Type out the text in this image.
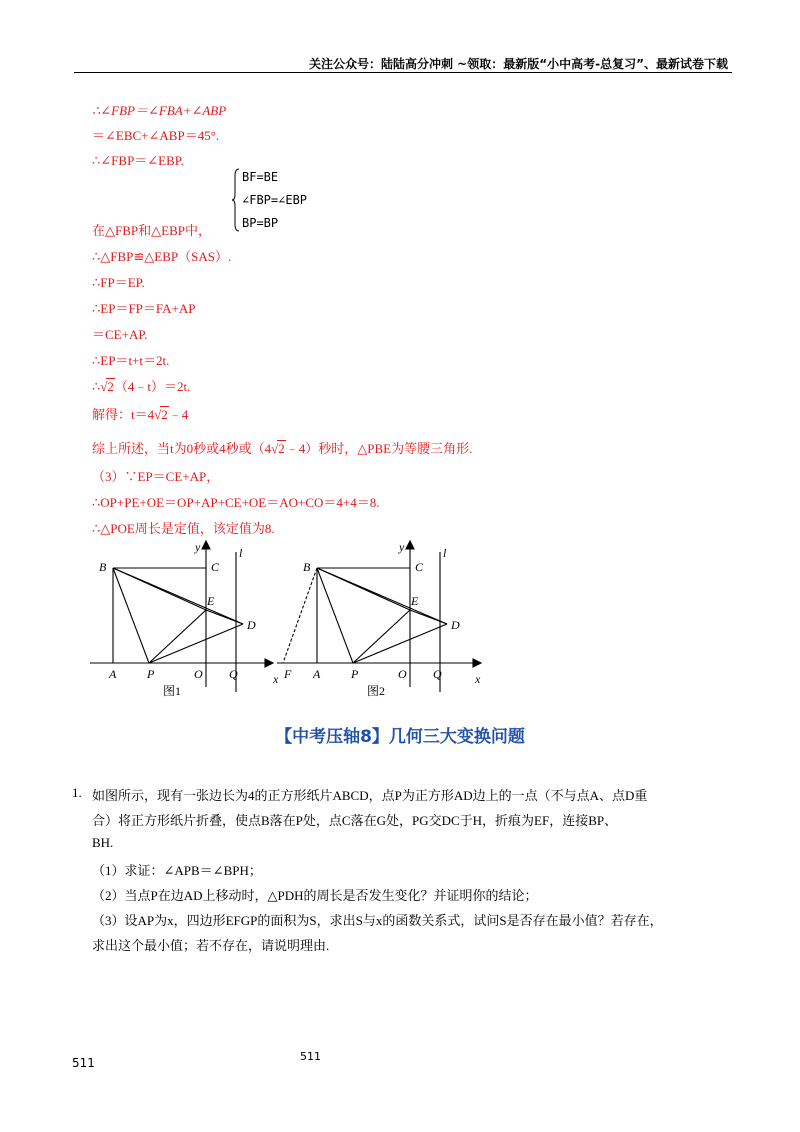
关注公众号：陆陆高分冲刺 ~领取：最新版“小中高考-总复习”、最新试卷下载
∴∠FBP＝∠FBA+∠ABP
＝∠EBC+∠ABP＝45°.
∴∠FBP＝∠EBP.
在△FBP和△EBP中，
BF=BE
∠FBP=∠EBP
BP=BP
∴△FBP≌△EBP（SAS）.
∴FP＝EP.
∴EP＝FP＝FA+AP
＝CE+AP.
∴EP＝t+t＝2t.
∴√2（4﹣t）＝2t.
解得：t＝4√2﹣4
综上所述，当t为0秒或4秒或（4√2﹣4）秒时，△PBE为等腰三角形.
（3）∵EP＝CE+AP，
∴OP+PE+OE＝OP+AP+CE+OE＝AO+CO＝4+4＝8.
∴△POE周长是定值，该定值为8.
B	C
E
D
A	P	O Q
y	l
图1
B	C
E
D
A	P	O Q
F
x	x
y	l
图2
【中考压轴8】几何三大变换问题
1. 如图所示，现有一张边长为4的正方形纸片ABCD，点P为正方形AD边上的一点（不与点A、点D重
合）将正方形纸片折叠，使点B落在P处，点C落在G处，PG交DC于H，折痕为EF，连接BP、
BH.
（1）求证：∠APB＝∠BPH；
（2）当点P在边AD上移动时，△PDH的周长是否发生变化？并证明你的结论；
（3）设AP为x，四边形EFGP的面积为S，求出S与x的函数关系式，试问S是否存在最小值？若存在，
求出这个最小值；若不存在，请说明理由.
511	511
